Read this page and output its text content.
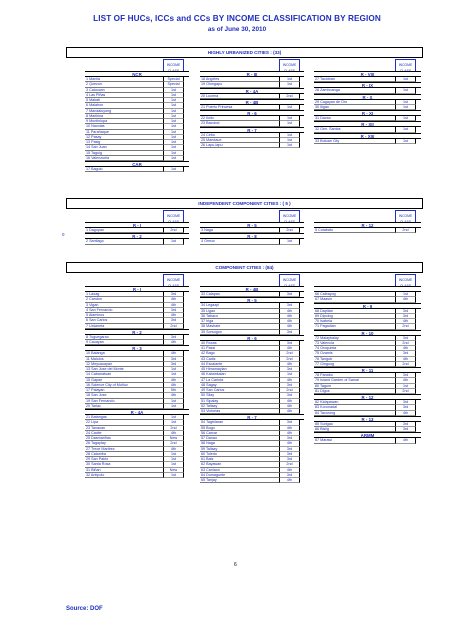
LIST OF HUCs, ICCs and CCs BY INCOME CLASSIFICATION BY REGION
as of June 30, 2010
HIGHLY URBANIZED CITIES : (33)
INCOME
NCR
1 Manila	Special
2 Quezon	Special
3 Caloocan	1st
4 Las Piñas	1st
5 Makati	1st
6 Malabon	1st
7 Mandaluyong	1st
8 Marikina	1st
9 Muntinlupa	1st
10 Navotas	1st
11 Parañaque	1st
12 Pasay	1st
13 Pasig	1st
14 San Juan	1st
15 Taguig	1st
16 Valenzuela	1st
CAR
17 Baguio	1st
INCOME
R - III
18 Angeles	1st
19 Olongapo	1st
R - 4A
20 Lucena	2nd
R - 4B
21 Puerto Princesa	1st
R - 6
22 Iloilo	1st
23 Bacolod	1st
R - 7
24 Cebu	1st
25 Mandaue	1st
26 Lapu-lapu	1st
INCOME
R - VIII
27 Tacloban	1st
R - IX
28 Zamboanga	1st
R - X
29 Cagayan de Oro	1st
30 Iligan	1st
R - XI
31 Davao	1st
R - XII
32 Gen. Santos	1st
R - XIII
33 Butuan City	1st
INDEPENDENT COMPONENT CITIES : ( 5 )
INCOME
R - I
1 Dagupan	2nd
R - 2
2 Santiago	1st
INCOME
R - 5
3 Naga	2nd
R - 8
4 Ormoc	1st
INCOME
R - 12
5 Cotabato	2nd
COMPONENT CITIES : (84)
INCOME
R - I
1 Laoag	3rd
2 Candon	4th
3 Vigan	4th
4 San Fernando	3rd
5 Alaminos	4th
6 San Carlos	3rd
7 Urdaneta	2nd
R - 2
8 Tuguegarao	3rd
9 Cauayan	4th
R - 3
10 Balanga	4th
11 Malolos	3rd
12 Meycauayan	3rd
13 San Jose del Monte	1st
14 Cabanatuan	1st
15 Gapan	4th
16 Science City of Muñoz	4th
17 Palayan	5th
18 San Jose	4th
19 San Fernando	1st
20 Tarlac	1st
R - 4A
21 Batangas	1st
22 Lipa	1st
23 Tanauan	2nd
24 Cavite	4th
25 Dasmariñas	New
26 Tagaytay	2nd
27 Trece Martirez	4th
28 Calamba	1st
29 San Pablo	1st
30 Santa Rosa	1st
31 Biñan	New
32 Antipolo	1st
INCOME
R - 4B
33 Calapan	3rd
R - 5
34 Legazpi	3rd
35 Ligao	4th
36 Tabaco	4th
37 Iriga	4th
38 Masbate	4th
39 Sorsogon	3rd
R - 6
40 Roxas	3rd
41 Passi	4th
42 Bago	2nd
43 Cadiz	2nd
44 Escalante	4th
45 Himamaylan	3rd
46 Kabankalan	1st
47 La Carlota	4th
48 Sagay	3rd
49 San Carlos	2nd
50 Silay	3rd
51 Sipalay	4th
52 Talisay	4th
53 Victorias	4th
R - 7
54 Tagbilaran	3rd
55 Bogo	4th
56 Carcar	4th
57 Danao	3rd
58 Naga	4th
59 Talisay	3rd
60 Toledo	3rd
61 Bais	3rd
62 Bayawan	2nd
63 Canlaon	4th
64 Dumaguete	3rd
65 Tanjay	4th
INCOME
66 Calbayog	1st
67 Maasin	4th
R - 9
68 Dapitan	3rd
69 Dipolog	3rd
70 Isabela	4th
71 Pagadian	2nd
R - 10
72 Malaybalay	3rd
73 Valencia	2nd
74 Oroquieta	4th
75 Ozamis	3rd
76 Tangub	4th
77 Gingoog	2nd
R - 11
78 Panabo	3rd
79 Island Garden of Samal	4th
80 Tagum	1st
81 Digos	2nd
R - 12
82 Kidapawan	3rd
83 Koronadal	3rd
84 Tacurong	4th
R - 13
85 Surigao	3rd
86 Bislig	3rd
ARMM
87 Marawi	4th
0
6
Source: DOF
